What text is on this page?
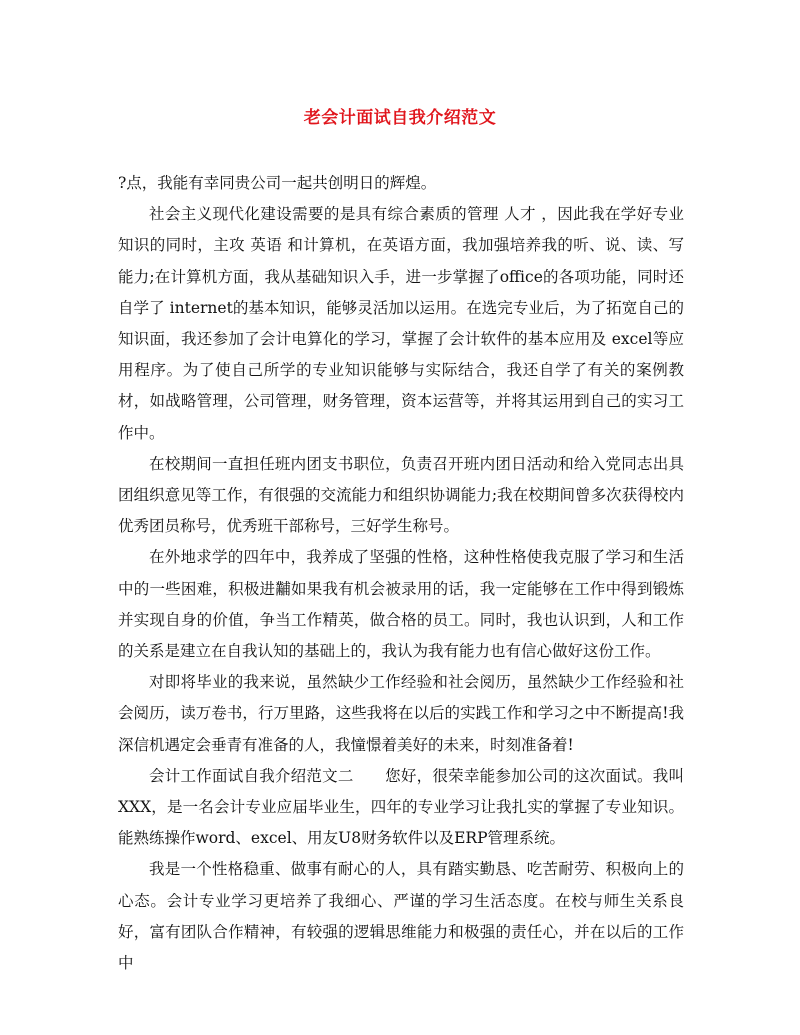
老会计面试自我介绍范文

?点，我能有幸同贵公司一起共创明日的辉煌。

社会主义现代化建设需要的是具有综合素质的管理 人才 ，因此我在学好专业知识的同时，主攻 英语 和计算机，在英语方面，我加强培养我的听、说、读、写能力;在计算机方面，我从基础知识入手，进一步掌握了office的各项功能，同时还自学了 internet的基本知识，能够灵活加以运用。在选完专业后，为了拓宽自己的知识面，我还参加了会计电算化的学习，掌握了会计软件的基本应用及 excel等应用程序。为了使自己所学的专业知识能够与实际结合，我还自学了有关的案例教材，如战略管理，公司管理，财务管理，资本运营等，并将其运用到自己的实习工作中。

在校期间一直担任班内团支书职位，负责召开班内团日活动和给入党同志出具团组织意见等工作，有很强的交流能力和组织协调能力;我在校期间曾多次获得校内优秀团员称号，优秀班干部称号，三好学生称号。

在外地求学的四年中，我养成了坚强的性格，这种性格使我克服了学习和生活中的一些困难，积极进黼如果我有机会被录用的话，我一定能够在工作中得到锻炼并实现自身的价值，争当工作精英，做合格的员工。同时，我也认识到，人和工作的关系是建立在自我认知的基础上的，我认为我有能力也有信心做好这份工作。

对即将毕业的我来说，虽然缺少工作经验和社会阅历，虽然缺少工作经验和社会阅历，读万卷书，行万里路，这些我将在以后的实践工作和学习之中不断提高!我深信机遇定会垂青有准备的人，我憧憬着美好的未来，时刻准备着!

会计工作面试自我介绍范文二　　您好，很荣幸能参加公司的这次面试。我叫XXX，是一名会计专业应届毕业生，四年的专业学习让我扎实的掌握了专业知识。能熟练操作word、excel、用友U8财务软件以及ERP管理系统。

我是一个性格稳重、做事有耐心的人，具有踏实勤恳、吃苦耐劳、积极向上的心态。会计专业学习更培养了我细心、严谨的学习生活态度。在校与师生关系良好，富有团队合作精神，有较强的逻辑思维能力和极强的责任心，并在以后的工作中
